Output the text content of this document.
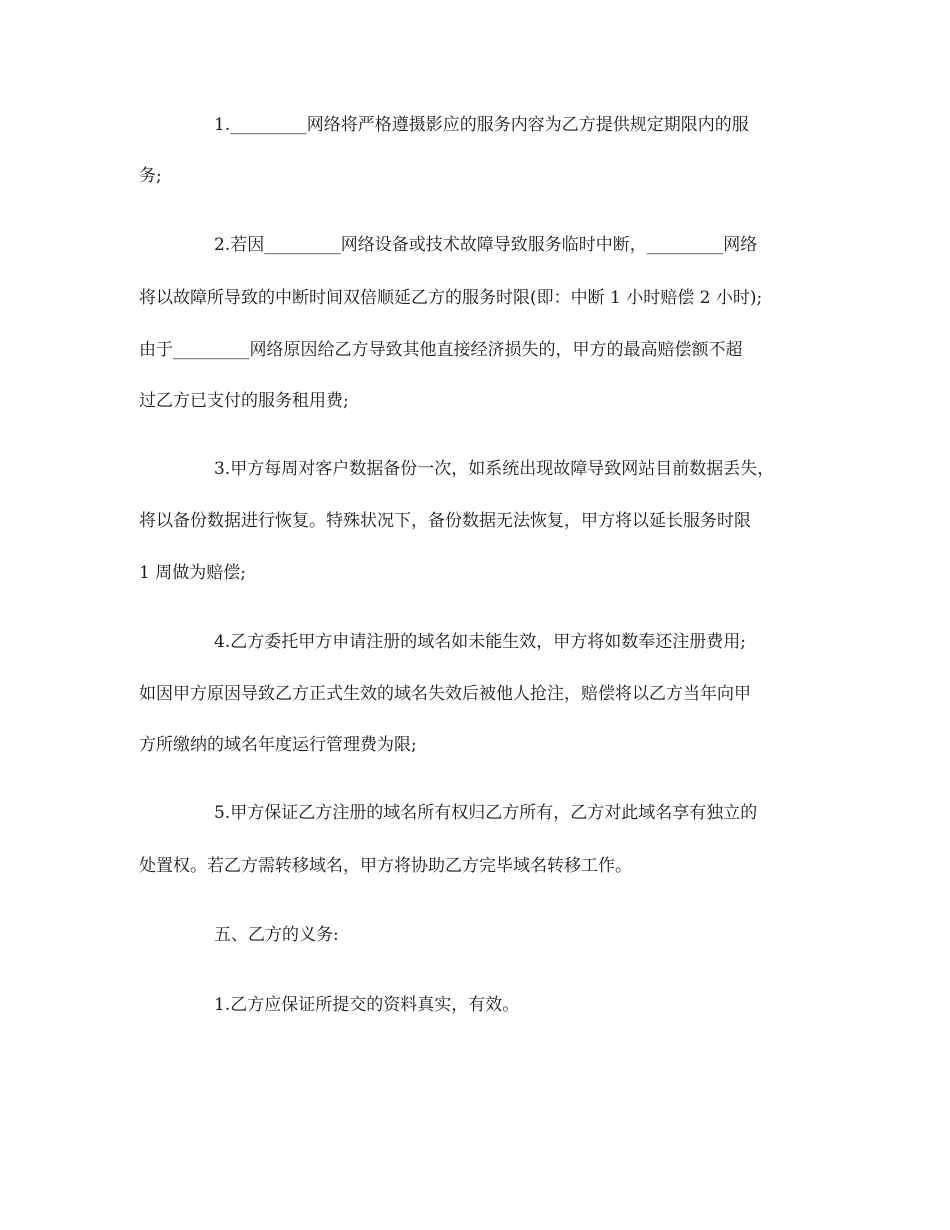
1._________网络将严格遵摄影应的服务内容为乙方提供规定期限内的服
务;
2.若因_________网络设备或技术故障导致服务临时中断，_________网络
将以故障所导致的中断时间双倍顺延乙方的服务时限(即：中断 1 小时赔偿 2 小时);
由于_________网络原因给乙方导致其他直接经济损失的，甲方的最高赔偿额不超
过乙方已支付的服务租用费;
3.甲方每周对客户数据备份一次，如系统出现故障导致网站目前数据丢失，
将以备份数据进行恢复。特殊状况下，备份数据无法恢复，甲方将以延长服务时限
1 周做为赔偿;
4.乙方委托甲方申请注册的域名如未能生效，甲方将如数奉还注册费用;
如因甲方原因导致乙方正式生效的域名失效后被他人抢注，赔偿将以乙方当年向甲
方所缴纳的域名年度运行管理费为限;
5.甲方保证乙方注册的域名所有权归乙方所有，乙方对此域名享有独立的
处置权。若乙方需转移域名，甲方将协助乙方完毕域名转移工作。
五、乙方的义务:
1.乙方应保证所提交的资料真实，有效。
